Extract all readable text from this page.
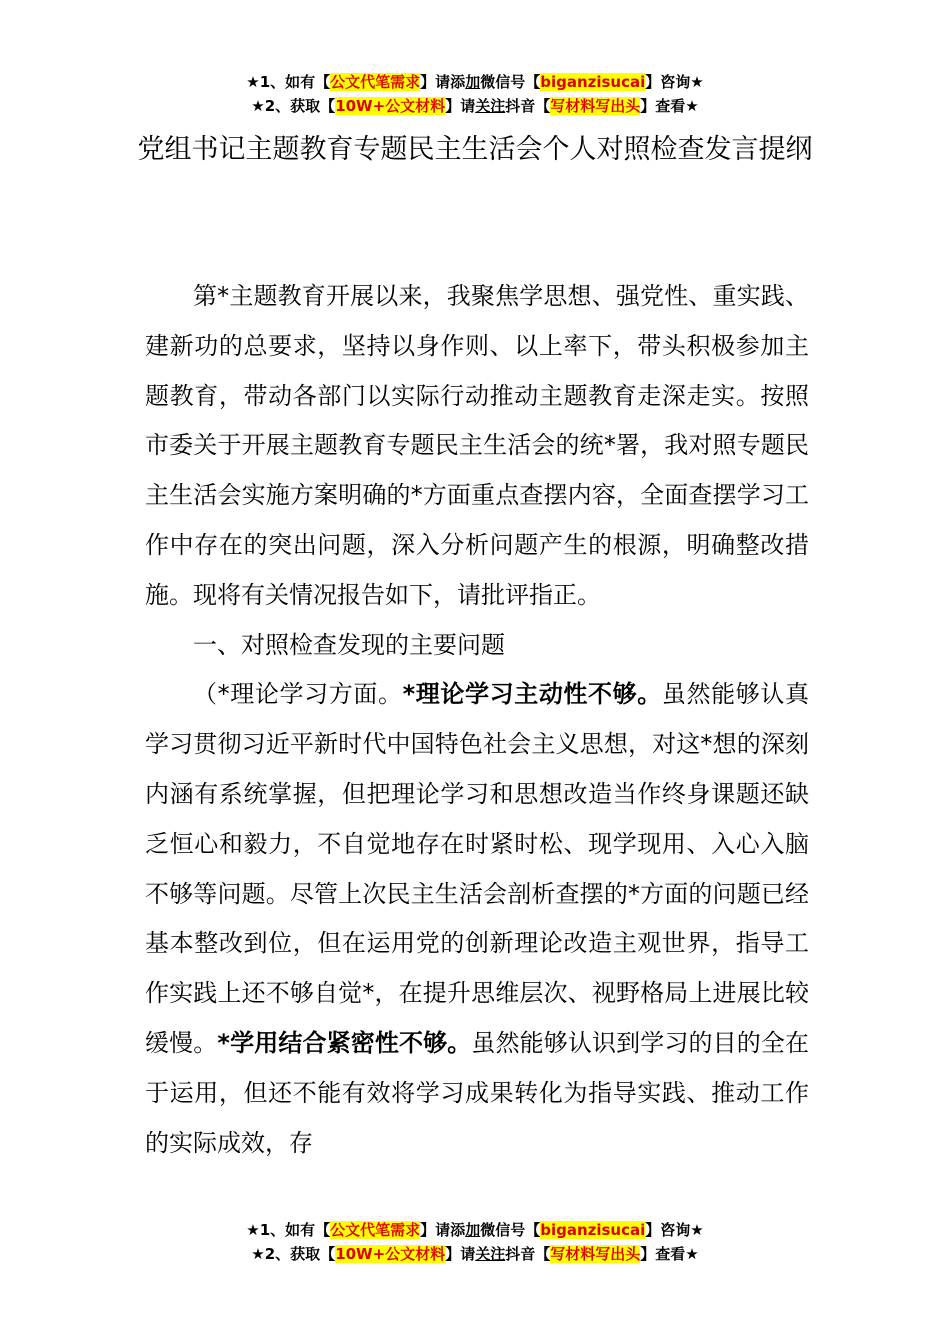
★1、如有【公文代笔需求】请添加微信号【biganzisucai】咨询★
★2、获取【10W+公文材料】请关注抖音【写材料写出头】查看★
党组书记主题教育专题民主生活会个人对照检查发言提纲

第*主题教育开展以来，我聚焦学思想、强党性、重实践、建新功的总要求，坚持以身作则、以上率下，带头积极参加主题教育，带动各部门以实际行动推动主题教育走深走实。按照市委关于开展主题教育专题民主生活会的统*署，我对照专题民主生活会实施方案明确的*方面重点查摆内容，全面查摆学习工作中存在的突出问题，深入分析问题产生的根源，明确整改措施。现将有关情况报告如下，请批评指正。

一、对照检查发现的主要问题

（*理论学习方面。*理论学习主动性不够。虽然能够认真学习贯彻习近平新时代中国特色社会主义思想，对这*想的深刻内涵有系统掌握，但把理论学习和思想改造当作终身课题还缺乏恒心和毅力，不自觉地存在时紧时松、现学现用、入心入脑不够等问题。尽管上次民主生活会剖析查摆的*方面的问题已经基本整改到位，但在运用党的创新理论改造主观世界，指导工作实践上还不够自觉*，在提升思维层次、视野格局上进展比较缓慢。*学用结合紧密性不够。虽然能够认识到学习的目的全在于运用，但还不能有效将学习成果转化为指导实践、推动工作的实际成效，存

★1、如有【公文代笔需求】请添加微信号【biganzisucai】咨询★
★2、获取【10W+公文材料】请关注抖音【写材料写出头】查看★
